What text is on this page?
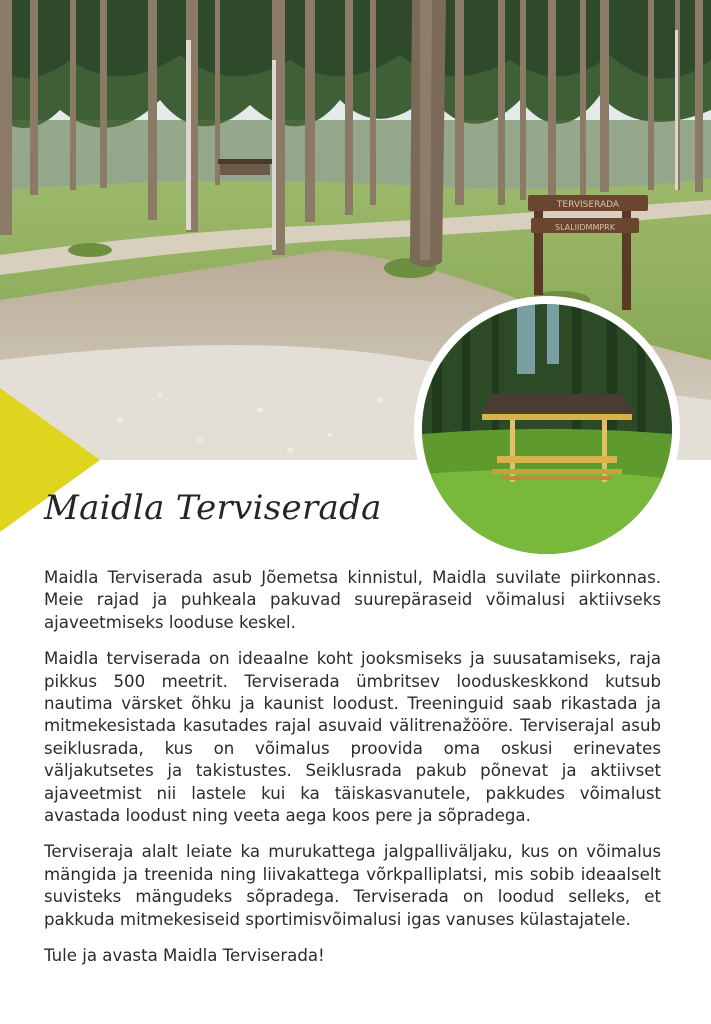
TERVISERADA
SLALIIDMMPRK
Maidla Terviserada

Maidla Terviserada asub Jõemetsa kinnistul, Maidla suvilate piirkonnas. Meie rajad ja puhkeala pakuvad suurepäraseid võimalusi aktiivseks ajaveetmiseks looduse keskel.

Maidla terviserada on ideaalne koht jooksmiseks ja suusatamiseks, raja pikkus 500 meetrit. Terviserada ümbritsev looduskeskkond kutsub nautima värsket õhku ja kaunist loodust. Treeninguid saab rikastada ja mitmekesistada kasutades rajal asuvaid välitrenažööre. Terviserajal asub seiklusrada, kus on võimalus proovida oma oskusi erinevates väljakutsetes ja takistustes. Seiklusrada pakub põnevat ja aktiivset ajaveetmist nii lastele kui ka täiskasvanutele, pakkudes võimalust avastada loodust ning veeta aega koos pere ja sõpradega.

Terviseraja alalt leiate ka murukattega jalgpalliväljaku, kus on võimalus mängida ja treenida ning liivakattega võrkpalliplatsi, mis sobib ideaalselt suvisteks mängudeks sõpradega. Terviserada on loodud selleks, et pakkuda mitmekesiseid sportimisvõimalusi igas vanuses külastajatele.

Tule ja avasta Maidla Terviserada!
